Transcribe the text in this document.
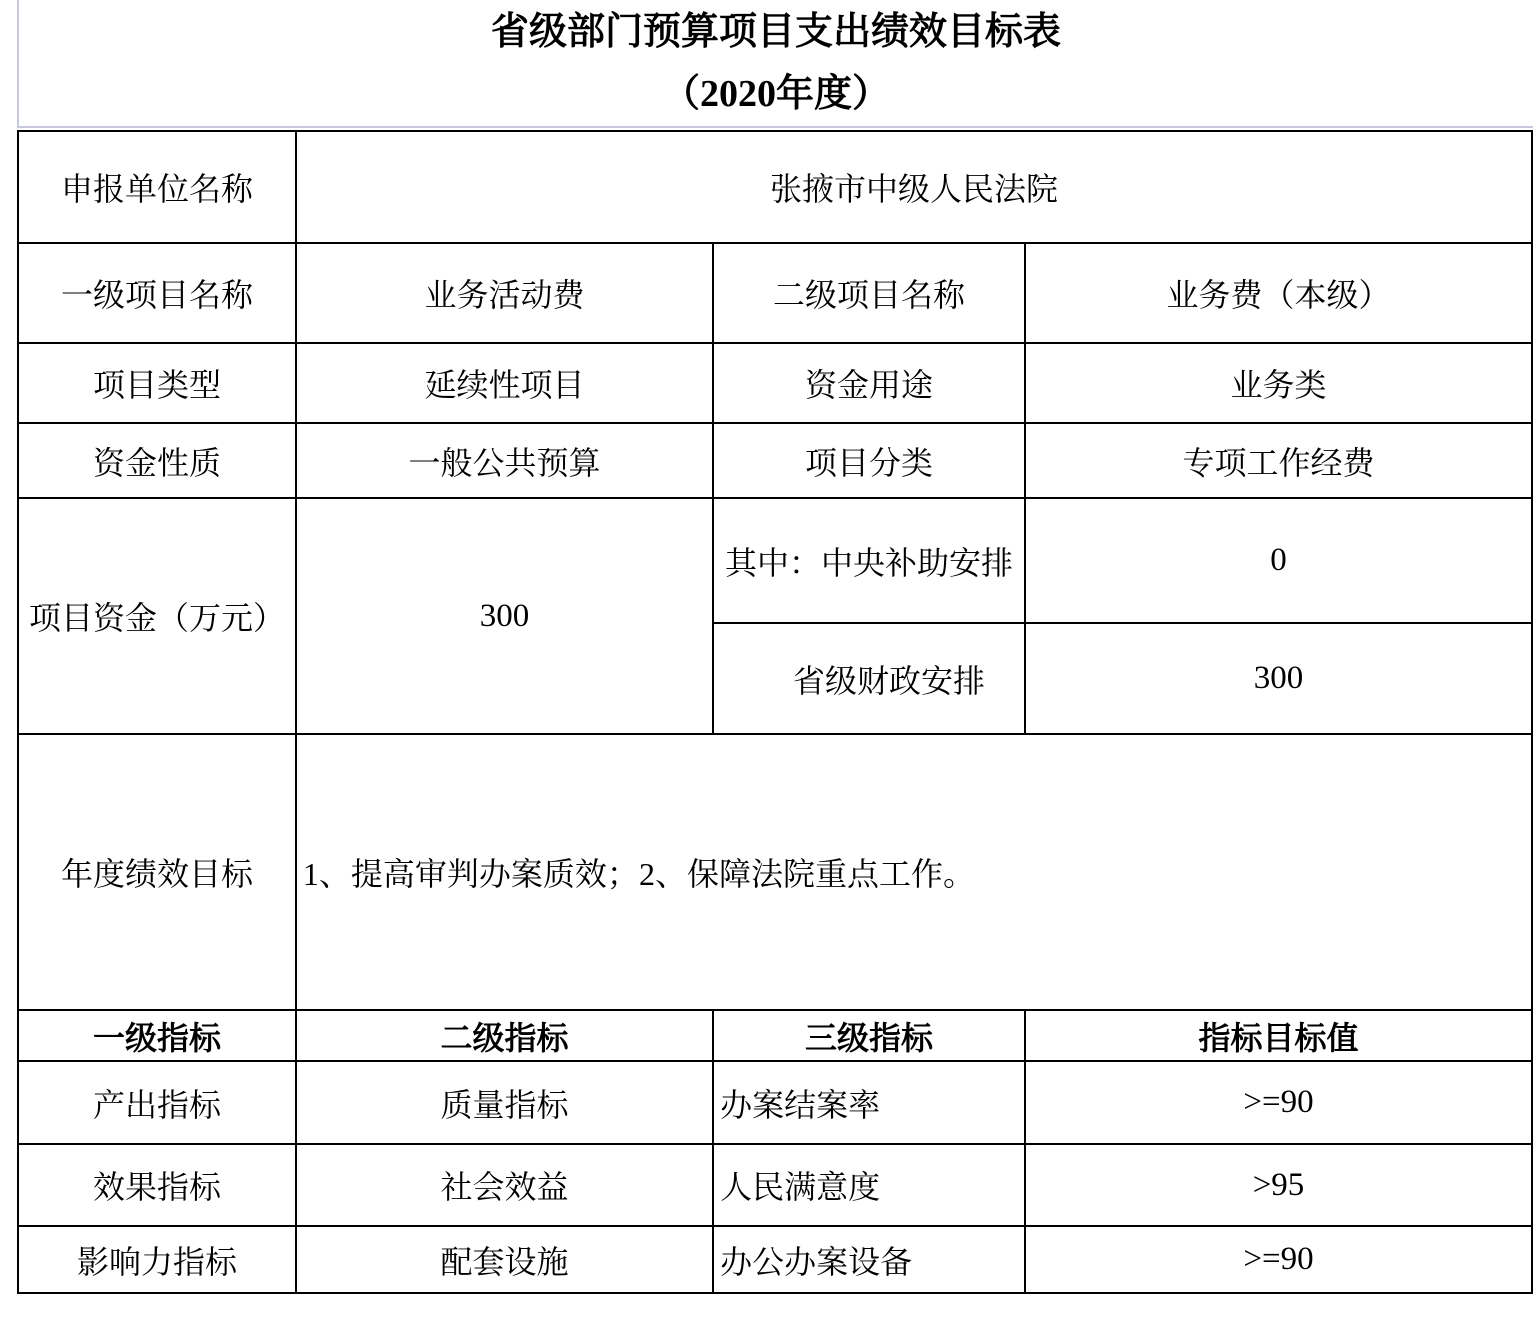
省级部门预算项目支出绩效目标表
（2020年度）
申报单位名称	张掖市中级人民法院		
一级项目名称	业务活动费	二级项目名称	业务费（本级）
项目类型	延续性项目	资金用途	业务类
资金性质	一般公共预算	项目分类	专项工作经费
项目资金（万元）	300	其中：中央补助安排	0
		省级财政安排	300
年度绩效目标	1、提高审判办案质效；2、保障法院重点工作。		
一级指标	二级指标	三级指标	指标目标值
产出指标	质量指标	办案结案率	>=90
效果指标	社会效益	人民满意度	>95
影响力指标	配套设施	办公办案设备	>=90
